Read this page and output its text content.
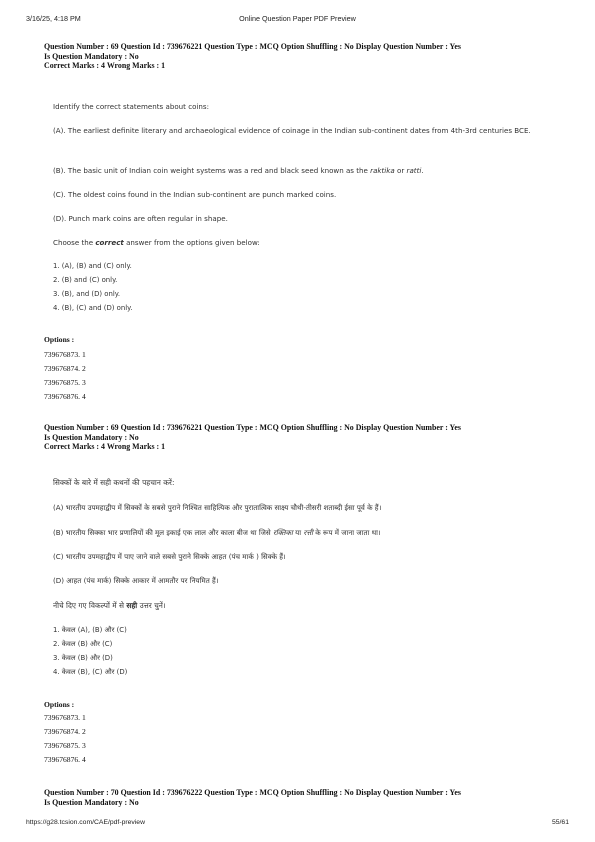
3/16/25, 4:18 PM	Online Question Paper PDF Preview
Question Number : 69 Question Id : 739676221 Question Type : MCQ Option Shuffling : No Display Question Number : Yes
Is Question Mandatory : No
Correct Marks : 4 Wrong Marks : 1
Identify the correct statements about coins:
(A). The earliest definite literary and archaeological evidence of coinage in the Indian sub-continent dates from 4th-3rd centuries BCE.
(B). The basic unit of Indian coin weight systems was a red and black seed known as the raktika or ratti.
(C). The oldest coins found in the Indian sub-continent are punch marked coins.
(D). Punch mark coins are often regular in shape.
Choose the correct answer from the options given below:
1. (A), (B) and (C) only.
2. (B) and (C) only.
3. (B), and (D) only.
4. (B), (C) and (D) only.
Options :
739676873. 1
739676874. 2
739676875. 3
739676876. 4
Question Number : 69 Question Id : 739676221 Question Type : MCQ Option Shuffling : No Display Question Number : Yes
Is Question Mandatory : No
Correct Marks : 4 Wrong Marks : 1
सिक्कों के बारे में सही कथनों की पहचान करें:
(A) भारतीय उपमहाद्वीप में सिक्कों के सबसे पुराने निश्चित साहित्यिक और पुरातात्विक साक्ष्य चौथी-तीसरी शताब्दी ईसा पूर्व के हैं।
(B) भारतीय सिक्का भार प्रणालियों की मूल इकाई एक लाल और काला बीज था जिसे रक्तिका या रत्ती के रूप में जाना जाता था।
(C) भारतीय उपमहाद्वीप में पाए जाने वाले सबसे पुराने सिक्के आहत (पंच मार्क ) सिक्के हैं।
(D) आहत (पंच मार्क) सिक्के आकार में आमतौर पर नियमित हैं।
नीचे दिए गए विकल्पों में से सही उत्तर चुनें।
1. केवल (A), (B) और (C)
2. केवल (B) और (C)
3. केवल (B) और (D)
4. केवल (B), (C) और (D)
Options :
739676873. 1
739676874. 2
739676875. 3
739676876. 4
Question Number : 70 Question Id : 739676222 Question Type : MCQ Option Shuffling : No Display Question Number : Yes
Is Question Mandatory : No
https://g28.tcsion.com/CAE/pdf-preview	55/61
